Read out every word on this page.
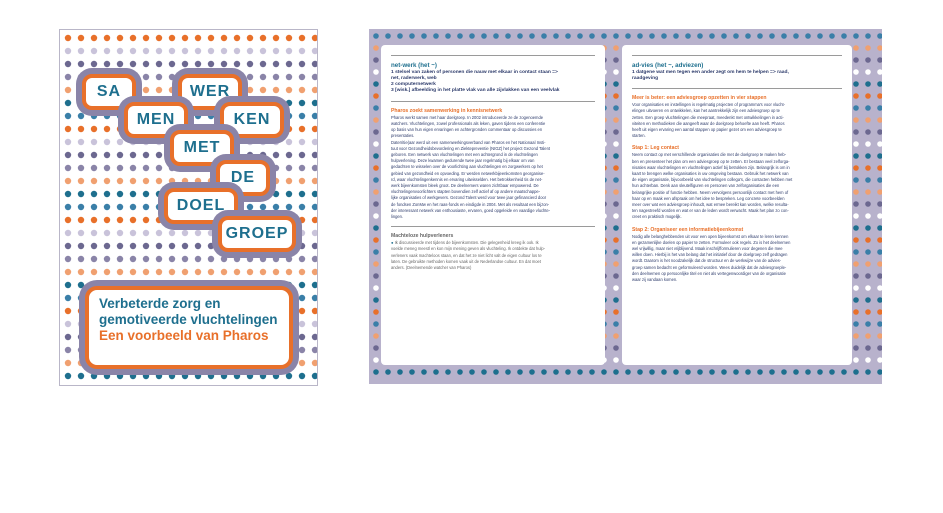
SA	WER
MEN	KEN
MET
DE
DOEL
GROEP
Verbeterde zorg en
gemotiveerde vluchtelingen
Een voorbeeld van Pharos
net-werk (het ~)
1 stelsel van zaken of personen die nauw met elkaar in contact staan =>
net, raderwerk, web
2 computernetwerk
3 [wisk.] afbeelding in het platte vlak van alle zijvlakken van een veelvlak
Pharos zoekt samenwerking in kennisnetwerk
Pharos werkt samen met haar doelgroep. In 2002 introduceerde ze de zogenoemde
watchers. Vluchtelingen, zowel professionals als leken, gaven tijdens een conferentie
op basis van hun eigen ervaringen en achtergronden commentaar op discussies en
presentaties.
Daterritie(aar werd uit een samenwerkingsverband van Pharos en het Nationaal Insti-
tuut voor Gezondheidsbevordering en Ziektepreventie (NIGZ) het project Gezond Talent
geboren. Een netwerk van vluchtelingen met een achtergrond in de vluchtelingen
hulpverlening. Deze kwamen gedurende twee jaar regelmatig bij elkaar om van
gedachten te wisselen over de voorlichting aan vluchtelingen en zorgwerkers op het
gebied van gezondheid en opvoeding. Er werden netwerkbijeenkomsten georganise-
rd, waar vluchtelingenkennis en ervaring uitwisselden. Het betrokkenheid tis de net-
werk bijeenkomsten bleek groot. De deelnemers waren zichtbaar empowered. De
vluchtelingenvoorlichters stapten bovendien zelf actief af op andere maatschappe-
lijke organisaties of werkgevers. Gezond Talent werd voor twee jaar gefinancierd door
de fondsen ZonMw en het raas-fonds en eindigde in 2004. Met als resultaat een bijzon-
der interessant netwerk van enthousiaste, ervaren, goed opgeleide en vaardige vluchte-
lingen.
Machteloze hulpverleners
● Ik discussieerde met tijdens de bijeenkomsten. Die gelegenheid kreeg ik ook. Ik
voelde meneg meestl en kon mijn mening geven als vluchteling. Ik ontdekte dat hulp-
verleners vaak machteloos staan, en dat het ze niet licht valt de eigen cultuur los te
laten. De gebruikte methoden komen vaak uit de Nederlandse cultuur. En dat moet
anders. (Deelnemende watcher van Pharos)
ad-vies (het ~, adviezen)
1 datgene wat men tegen een ander zegt om hem te helpen => raad,
raadgeving
Meer is beter: een adviesgroep opzetten in vier stappen
Voor organisaties en instellingen is regelmatig projecten of programma's voor vlucht-
elingen uitvoeren en ontwikkelen, kan het aantrekkelijk zijn een adviesgroep op te
zetten. Een groep vluchtelingen die meepraat, meedenkt met ontwikkelingen in acti-
viteiten en methodieken die aangeeft waar de doelgroep behoefte aan heeft. Pharos
heeft uit eigen ervaring een aantal stappen op papier gezet om een adviesgroep te
starten.
Stap 1: Leg contact
Neem contact op met verschillende organisaties die met de doelgroep te maken heb-
ben en presenteer het plan om een adviesgroep op te zetten. Er bestaan veel zelforga-
nisaties waar vluchtelingen en vluchtelingen actief bij betrokken zijn. Belangrijk is om in
kaart te brengen welke organisaties in uw omgeving bestaan. Gebruik het netwerk van
de eigen organisatie, bijvoorbeeld van vluchtelingen collega's, die contacten hebben met
hun achterban. Denk aan sleutelfiguren en personen van zelforganisaties die een
belangrijke positie of functie hebben. Neem vervolgens persoonlijk contact met hem of
haar op en maak een afspraak om het idee te bespreken. Leg concrete voorbeelden
meer over wat een adviesgroep inhoudt, wat ermee bereikt kan worden, welke resulta-
ten nagestreefd worden en wat er van de leden wordt verwacht. Maak het plan zo con-
creet en praktisch mogelijk.
Stap 2: Organiseer een informatiebijeenkomst
Nodig alle belanghebbenden uit voor een open bijeenkomst om elkaar te leren kennen
en gezamenlijke doelen op papier te zetten. Formuleer ook regels. Zo is het deelnemen
wel vrijwillig, maar niet vrijblijvend. Maak inschrijfformulieren voor degenen die mee
willen doen. Hierbij is het van belang dat het initiatief door de doelgroep zelf gedragen
wordt. Daarom is het noodzakelijk dat de structuur en de werkwijze van de advies-
groep samen bedacht en geformuleerd worden. Wees duidelijk dat de adviesgroeple-
den deelnemen op persoonlijke titel en niet als vertegenwoordiger van de organisatie
waar zij vandaan komen.
